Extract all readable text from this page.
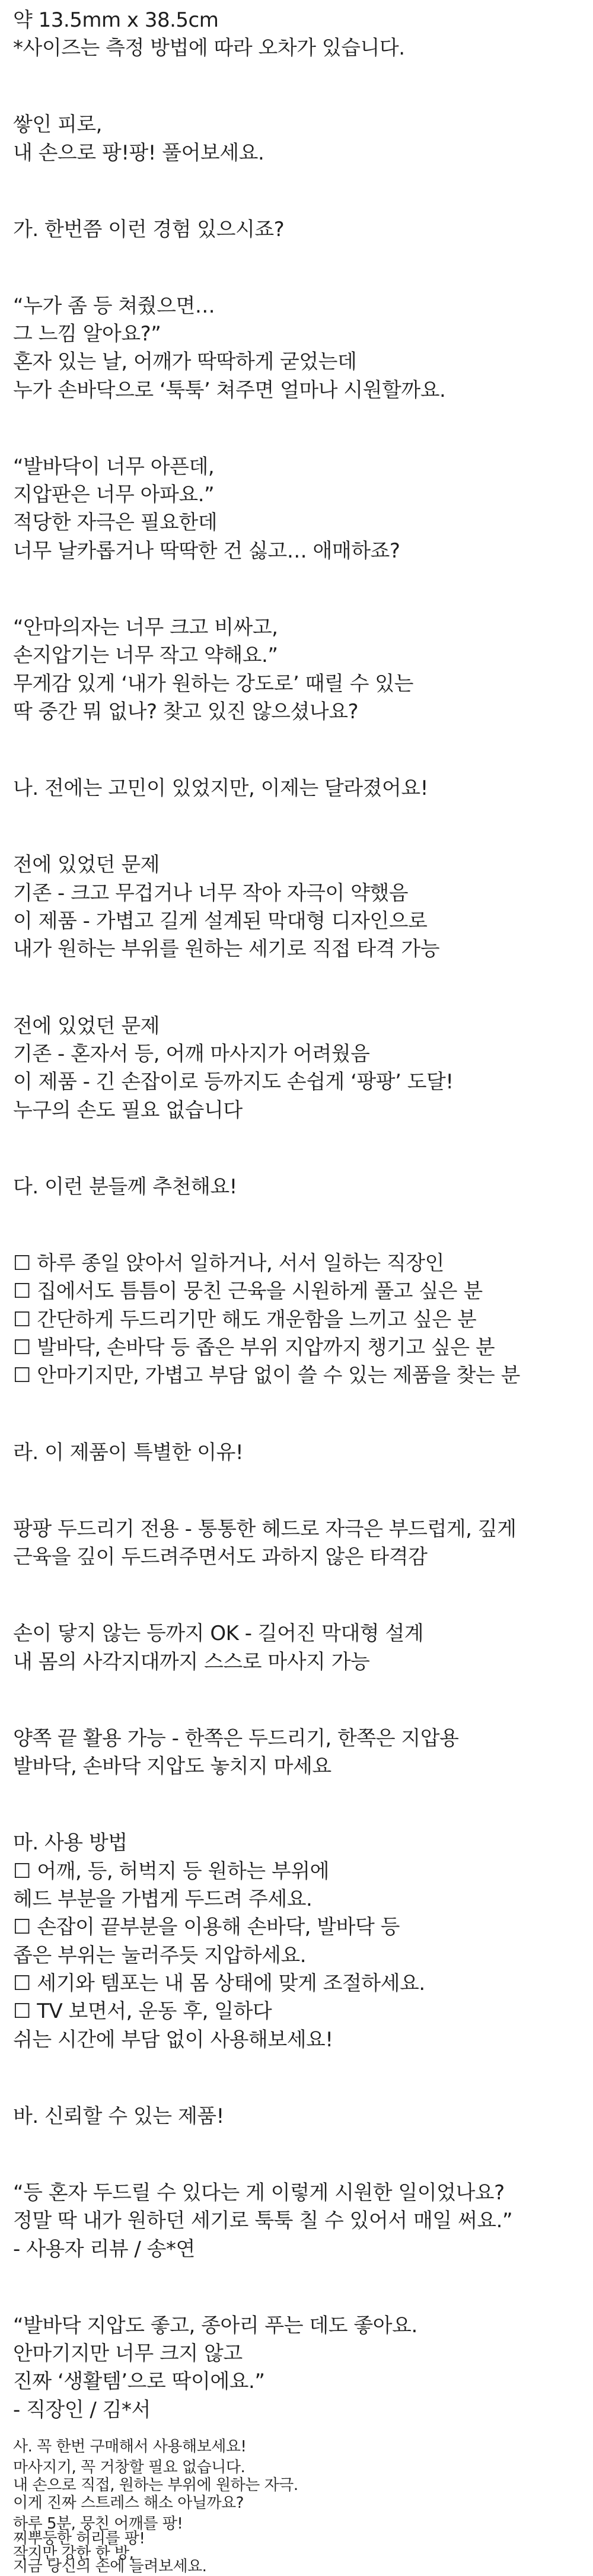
약 13.5mm x 38.5cm

*사이즈는 측정 방법에 따라 오차가 있습니다.

쌓인 피로,

내 손으로 팡!팡! 풀어보세요.

가. 한번쯤 이런 경험 있으시죠?

“누가 좀 등 쳐줬으면…

그 느낌 알아요?”

혼자 있는 날, 어깨가 딱딱하게 굳었는데

누가 손바닥으로 ‘툭툭’ 쳐주면 얼마나 시원할까요.

“발바닥이 너무 아픈데,

지압판은 너무 아파요.”

적당한 자극은 필요한데

너무 날카롭거나 딱딱한 건 싫고… 애매하죠?

“안마의자는 너무 크고 비싸고,

손지압기는 너무 작고 약해요.”

무게감 있게 ‘내가 원하는 강도로’ 때릴 수 있는

딱 중간 뭐 없나? 찾고 있진 않으셨나요?

나. 전에는 고민이 있었지만, 이제는 달라졌어요!

전에 있었던 문제

기존 - 크고 무겁거나 너무 작아 자극이 약했음

이 제품 - 가볍고 길게 설계된 막대형 디자인으로

내가 원하는 부위를 원하는 세기로 직접 타격 가능

전에 있었던 문제

기존 - 혼자서 등, 어깨 마사지가 어려웠음

이 제품 - 긴 손잡이로 등까지도 손쉽게 ‘팡팡’ 도달!

누구의 손도 필요 없습니다

다. 이런 분들께 추천해요!

☐ 하루 종일 앉아서 일하거나, 서서 일하는 직장인

☐ 집에서도 틈틈이 뭉친 근육을 시원하게 풀고 싶은 분

☐ 간단하게 두드리기만 해도 개운함을 느끼고 싶은 분

☐ 발바닥, 손바닥 등 좁은 부위 지압까지 챙기고 싶은 분

☐ 안마기지만, 가볍고 부담 없이 쓸 수 있는 제품을 찾는 분

라. 이 제품이 특별한 이유!

팡팡 두드리기 전용 - 통통한 헤드로 자극은 부드럽게, 깊게

근육을 깊이 두드려주면서도 과하지 않은 타격감

손이 닿지 않는 등까지 OK - 길어진 막대형 설계

내 몸의 사각지대까지 스스로 마사지 가능

양쪽 끝 활용 가능 - 한쪽은 두드리기, 한쪽은 지압용

발바닥, 손바닥 지압도 놓치지 마세요

마. 사용 방법

☐ 어깨, 등, 허벅지 등 원하는 부위에

헤드 부분을 가볍게 두드려 주세요.

☐ 손잡이 끝부분을 이용해 손바닥, 발바닥 등

좁은 부위는 눌러주듯 지압하세요.

☐ 세기와 템포는 내 몸 상태에 맞게 조절하세요.

☐ TV 보면서, 운동 후, 일하다

쉬는 시간에 부담 없이 사용해보세요!

바. 신뢰할 수 있는 제품!

“등 혼자 두드릴 수 있다는 게 이렇게 시원한 일이었나요?

정말 딱 내가 원하던 세기로 툭툭 칠 수 있어서 매일 써요.”

- 사용자 리뷰 / 송*연

“발바닥 지압도 좋고, 종아리 푸는 데도 좋아요.

안마기지만 너무 크지 않고

진짜 ‘생활템’으로 딱이에요.”

- 직장인 / 김*서

사. 꼭 한번 구매해서 사용해보세요!

마사지기, 꼭 거창할 필요 없습니다.

내 손으로 직접, 원하는 부위에 원하는 자극.

이게 진짜 스트레스 해소 아닐까요?

하루 5분, 뭉친 어깨를 팡!

찌뿌둥한 허리를 팡!

작지만 강한 한 방,

지금 당신의 손에 들려보세요.
